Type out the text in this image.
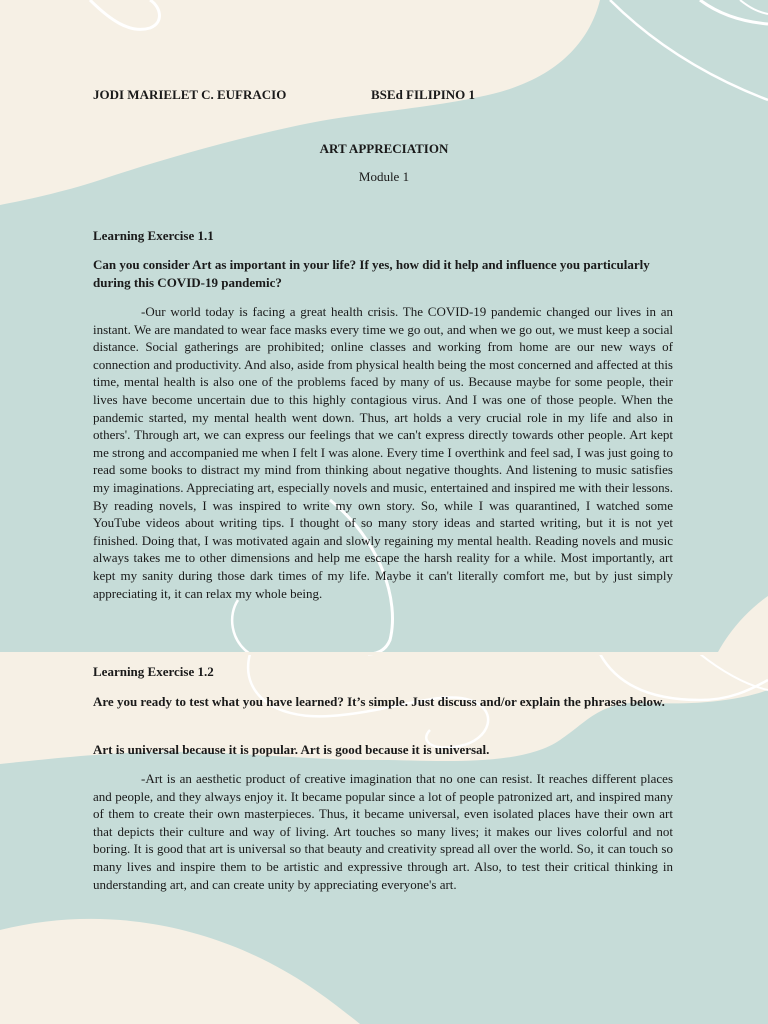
JODI MARIELET C. EUFRACIO	BSEd FILIPINO 1
ART APPRECIATION
Module 1

Learning Exercise 1.1

Can you consider Art as important in your life? If yes, how did it help and influence you particularly during this COVID-19 pandemic?

-Our world today is facing a great health crisis. The COVID-19 pandemic changed our lives in an instant. We are mandated to wear face masks every time we go out, and when we go out, we must keep a social distance. Social gatherings are prohibited; online classes and working from home are our new ways of connection and productivity. And also, aside from physical health being the most concerned and affected at this time, mental health is also one of the problems faced by many of us. Because maybe for some people, their lives have become uncertain due to this highly contagious virus. And I was one of those people. When the pandemic started, my mental health went down. Thus, art holds a very crucial role in my life and also in others'. Through art, we can express our feelings that we can't express directly towards other people. Art kept me strong and accompanied me when I felt I was alone. Every time I overthink and feel sad, I was just going to read some books to distract my mind from thinking about negative thoughts. And listening to music satisfies my imaginations. Appreciating art, especially novels and music, entertained and inspired me with their lessons. By reading novels, I was inspired to write my own story. So, while I was quarantined, I watched some YouTube videos about writing tips. I thought of so many story ideas and started writing, but it is not yet finished. Doing that, I was motivated again and slowly regaining my mental health. Reading novels and music always takes me to other dimensions and help me escape the harsh reality for a while. Most importantly, art kept my sanity during those dark times of my life. Maybe it can't literally comfort me, but by just simply appreciating it, it can relax my whole being.

Learning Exercise 1.2

Are you ready to test what you have learned? It’s simple. Just discuss and/or explain the phrases below.

Art is universal because it is popular. Art is good because it is universal.

-Art is an aesthetic product of creative imagination that no one can resist. It reaches different places and people, and they always enjoy it. It became popular since a lot of people patronized art, and inspired many of them to create their own masterpieces. Thus, it became universal, even isolated places have their own art that depicts their culture and way of living. Art touches so many lives; it makes our lives colorful and not boring. It is good that art is universal so that beauty and creativity spread all over the world. So, it can touch so many lives and inspire them to be artistic and expressive through art. Also, to test their critical thinking in understanding art, and can create unity by appreciating everyone's art.
